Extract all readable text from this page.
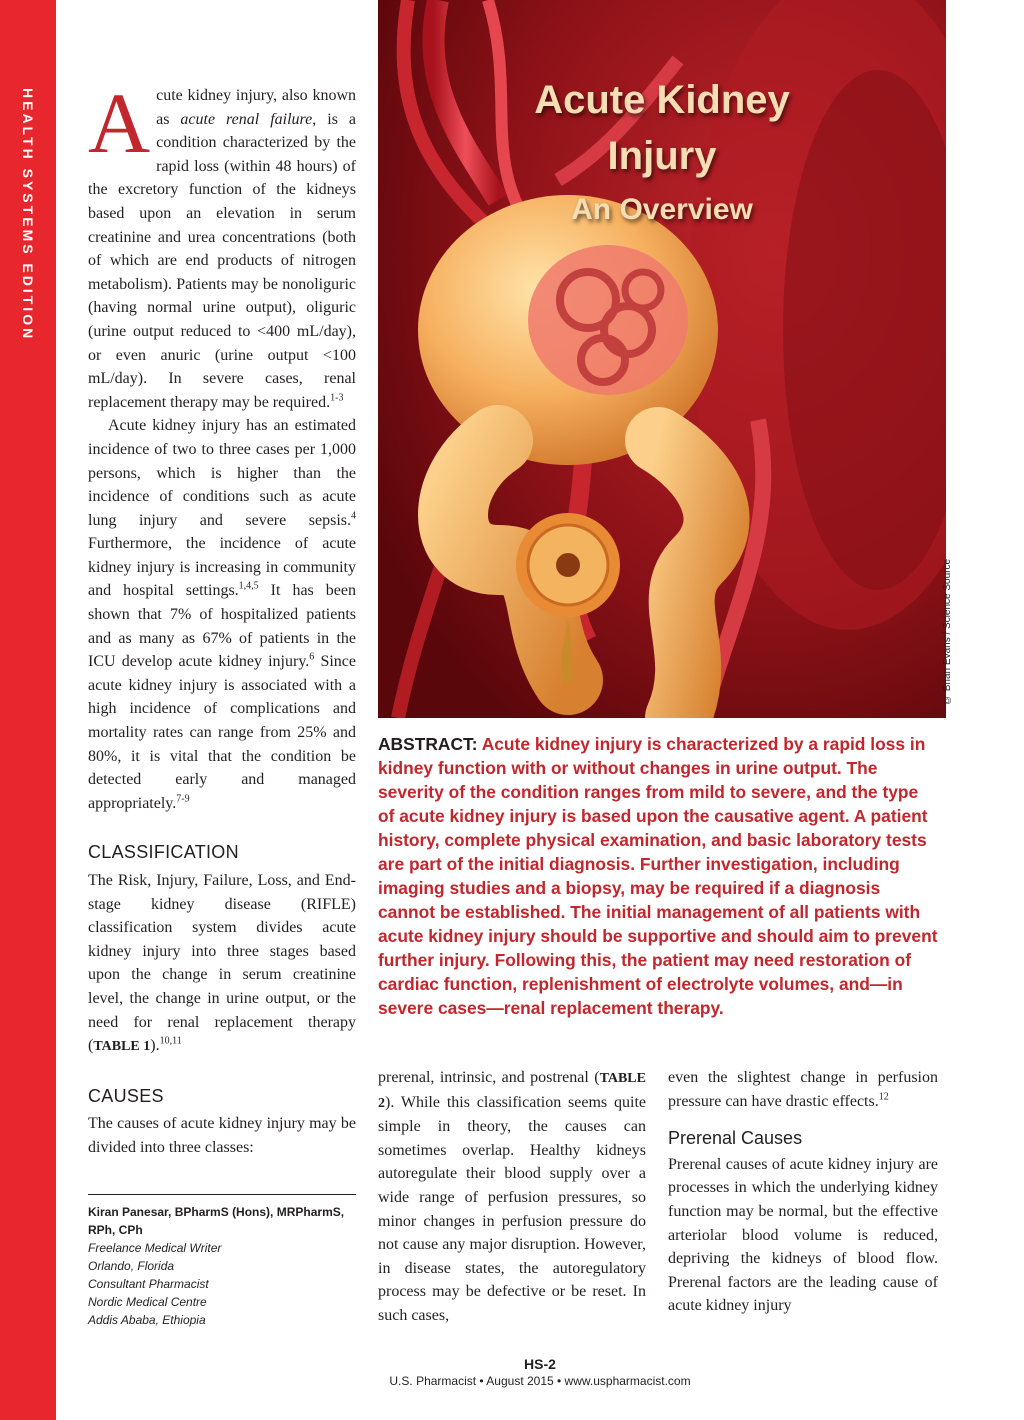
HEALTH SYSTEMS EDITION Acute kidney injury, also known as acute renal failure, is a condition characterized by the rapid loss (within 48 hours) of the excretory function of the kidneys based upon an elevation in serum creatinine and urea concentrations (both of which are end products of nitrogen metabolism). Patients may be nonoliguric (having normal urine output), oliguric (urine output reduced to <400 mL/day), or even anuric (urine output <100 mL/day). In severe cases, renal replacement therapy may be required.$^{1-3}$

Acute kidney injury has an estimated incidence of two to three cases per 1,000 persons, which is higher than the incidence of conditions such as acute lung injury and severe sepsis.$^4$ Furthermore, the incidence of acute kidney injury is increasing in community and hospital settings.$^{1,4,5}$ It has been shown that 7% of hospitalized patients and as many as 67% of patients in the ICU develop acute kidney injury.$^6$ Since acute kidney injury is associated with a high incidence of complications and mortality rates can range from 25% and 80%, it is vital that the condition be detected early and managed appropriately.$^{7-9}$

CLASSIFICATION

The Risk, Injury, Failure, Loss, and End-stage kidney disease (RIFLE) classification system divides acute kidney injury into three stages based upon the change in serum creatinine level, the change in urine output, or the need for renal replacement therapy (TABLE 1).$^{10,11}$

CAUSES

The causes of acute kidney injury may be divided into three classes:

Kiran Panesar, BPharmS (Hons), MRPharmS, RPh, CPh
Freelance Medical Writer
Orlando, Florida
Consultant Pharmacist
Nordic Medical Centre
Addis Ababa, Ethiopia
Acute Kidney
Injury
An Overview
© Brian Evans / Science Source
ABSTRACT: Acute kidney injury is characterized by a rapid loss in kidney function with or without changes in urine output. The severity of the condition ranges from mild to severe, and the type of acute kidney injury is based upon the causative agent. A patient history, complete physical examination, and basic laboratory tests are part of the initial diagnosis. Further investigation, including imaging studies and a biopsy, may be required if a diagnosis cannot be established. The initial management of all patients with acute kidney injury should be supportive and should aim to prevent further injury. Following this, the patient may need restoration of cardiac function, replenishment of electrolyte volumes, and—in severe cases—renal replacement therapy.

prerenal, intrinsic, and postrenal (TABLE 2). While this classification seems quite simple in theory, the causes can sometimes overlap. Healthy kidneys autoregulate their blood supply over a wide range of perfusion pressures, so minor changes in perfusion pressure do not cause any major disruption. However, in disease states, the autoregulatory process may be defective or be reset. In such cases,

even the slightest change in perfusion pressure can have drastic effects.$^{12}$

Prerenal Causes

Prerenal causes of acute kidney injury are processes in which the underlying kidney function may be normal, but the effective arteriolar blood volume is reduced, depriving the kidneys of blood flow. Prerenal factors are the leading cause of acute kidney injury

HS-2
U.S. Pharmacist • August 2015 • www.uspharmacist.com
